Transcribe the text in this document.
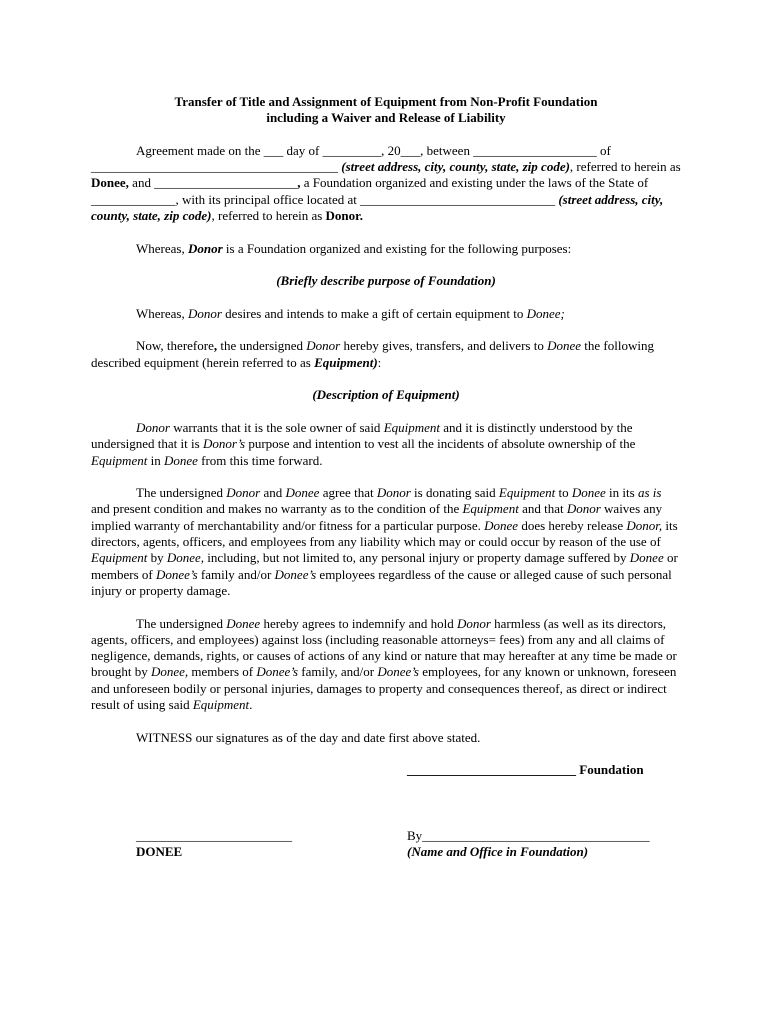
Transfer of Title and Assignment of Equipment from Non-Profit Foundation

including a Waiver and Release of Liability

Agreement made on the ___ day of _________, 20___, between ___________________ of ______________________________________ (street address, city, county, state, zip code), referred to herein as Donee, and ______________________, a Foundation organized and existing under the laws of the State of _____________, with its principal office located at ______________________________ (street address, city, county, state, zip code), referred to herein as Donor.

Whereas, Donor is a Foundation organized and existing for the following purposes:

(Briefly describe purpose of Foundation)

Whereas, Donor desires and intends to make a gift of certain equipment to Donee;

Now, therefore, the undersigned Donor hereby gives, transfers, and delivers to Donee the following described equipment (herein referred to as Equipment):

(Description of Equipment)

Donor warrants that it is the sole owner of said Equipment and it is distinctly understood by the undersigned that it is Donor’s purpose and intention to vest all the incidents of absolute ownership of the Equipment in Donee from this time forward.

The undersigned Donor and Donee agree that Donor is donating said Equipment to Donee in its as is and present condition and makes no warranty as to the condition of the Equipment and that Donor waives any implied warranty of merchantability and/or fitness for a particular purpose. Donee does hereby release Donor, its directors, agents, officers, and employees from any liability which may or could occur by reason of the use of Equipment by Donee, including, but not limited to, any personal injury or property damage suffered by Donee or members of Donee’s family and/or Donee’s employees regardless of the cause or alleged cause of such personal injury or property damage.

The undersigned Donee hereby agrees to indemnify and hold Donor harmless (as well as its directors, agents, officers, and employees) against loss (including reasonable attorneys= fees) from any and all claims of negligence, demands, rights, or causes of actions of any kind or nature that may hereafter at any time be made or brought by Donee, members of Donee’s family, and/or Donee’s employees, for any known or unknown, foreseen and unforeseen bodily or personal injuries, damages to property and consequences thereof, as direct or indirect result of using said Equipment.

WITNESS our signatures as of the day and date first above stated.

__________________________ Foundation
________________________
DONEE
By___________________________________
(Name and Office in Foundation)
